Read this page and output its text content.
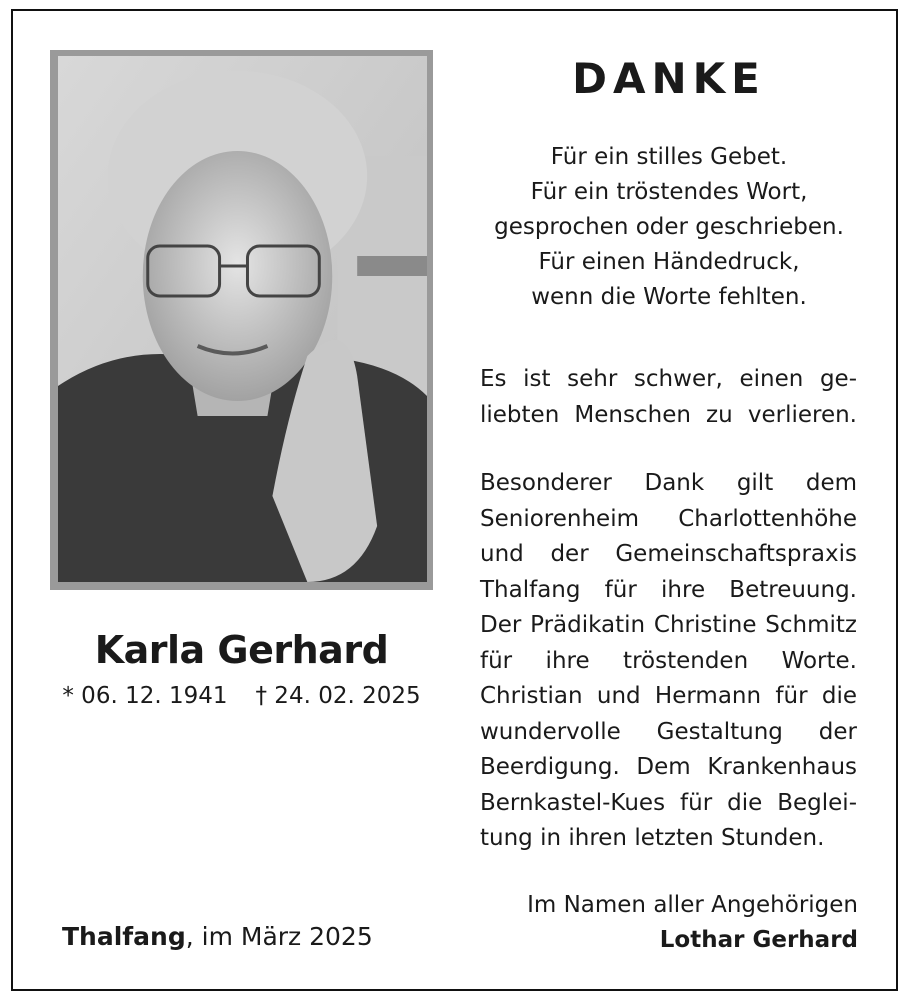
Karla Gerhard
* 06. 12. 1941 † 24. 02. 2025
Thalfang, im März 2025
DANKE
Für ein stilles Gebet.
Für ein tröstendes Wort,
gesprochen oder geschrieben.
Für einen Händedruck,
wenn die Worte fehlten.
Es ist sehr schwer, einen ge-
liebten Menschen zu verlieren.
Besonderer Dank gilt dem
Seniorenheim Charlottenhöhe
und der Gemeinschaftspraxis
Thalfang für ihre Betreuung.
Der Prädikatin Christine Schmitz
für ihre tröstenden Worte.
Christian und Hermann für die
wundervolle Gestaltung der
Beerdigung. Dem Krankenhaus
Bernkastel-Kues für die Beglei-
tung in ihren letzten Stunden.
Im Namen aller Angehörigen
Lothar Gerhard
